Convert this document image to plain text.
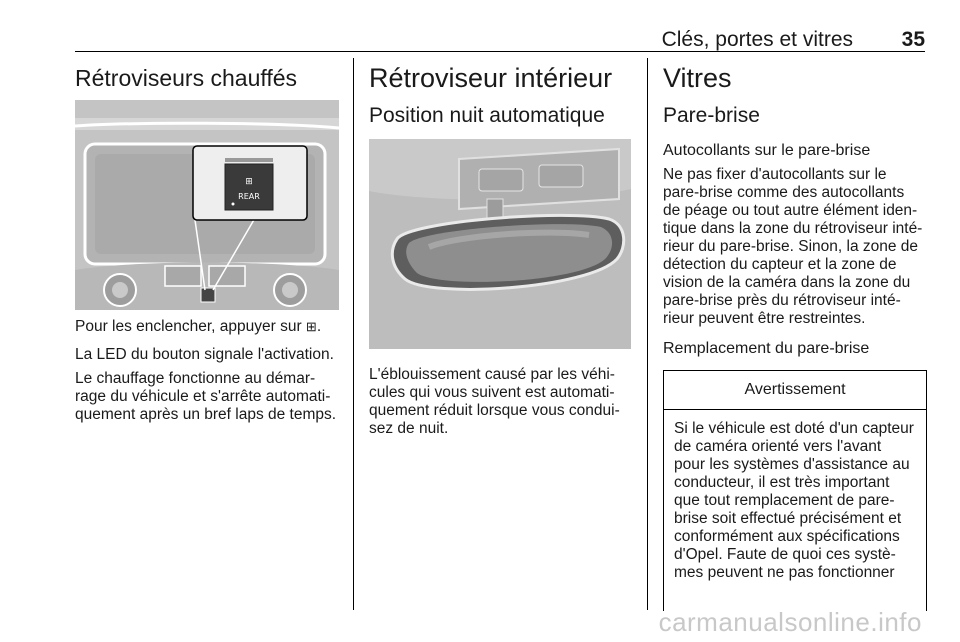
Clés, portes et vitres 35
Rétroviseurs chauffés
⊞
REAR

Pour les enclencher, appuyer sur ⊞.

La LED du bouton signale l'activation.

Le chauffage fonctionne au démar-
rage du véhicule et s'arrête automati-
quement après un bref laps de temps.

Rétroviseur intérieur
Position nuit automatique

L'éblouissement causé par les véhi-
cules qui vous suivent est automati-
quement réduit lorsque vous condui-
sez de nuit.

Vitres
Pare-brise
Autocollants sur le pare-brise

Ne pas fixer d'autocollants sur le
pare-brise comme des autocollants
de péage ou tout autre élément iden-
tique dans la zone du rétroviseur inté-
rieur du pare-brise. Sinon, la zone de
détection du capteur et la zone de
vision de la caméra dans la zone du
pare-brise près du rétroviseur inté-
rieur peuvent être restreintes.

Remplacement du pare-brise
Avertissement
Si le véhicule est doté d'un capteur
de caméra orienté vers l'avant
pour les systèmes d'assistance au
conducteur, il est très important
que tout remplacement de pare-
brise soit effectué précisément et
conformément aux spécifications
d'Opel. Faute de quoi ces systè-
mes peuvent ne pas fonctionner
carmanualsonline.info
